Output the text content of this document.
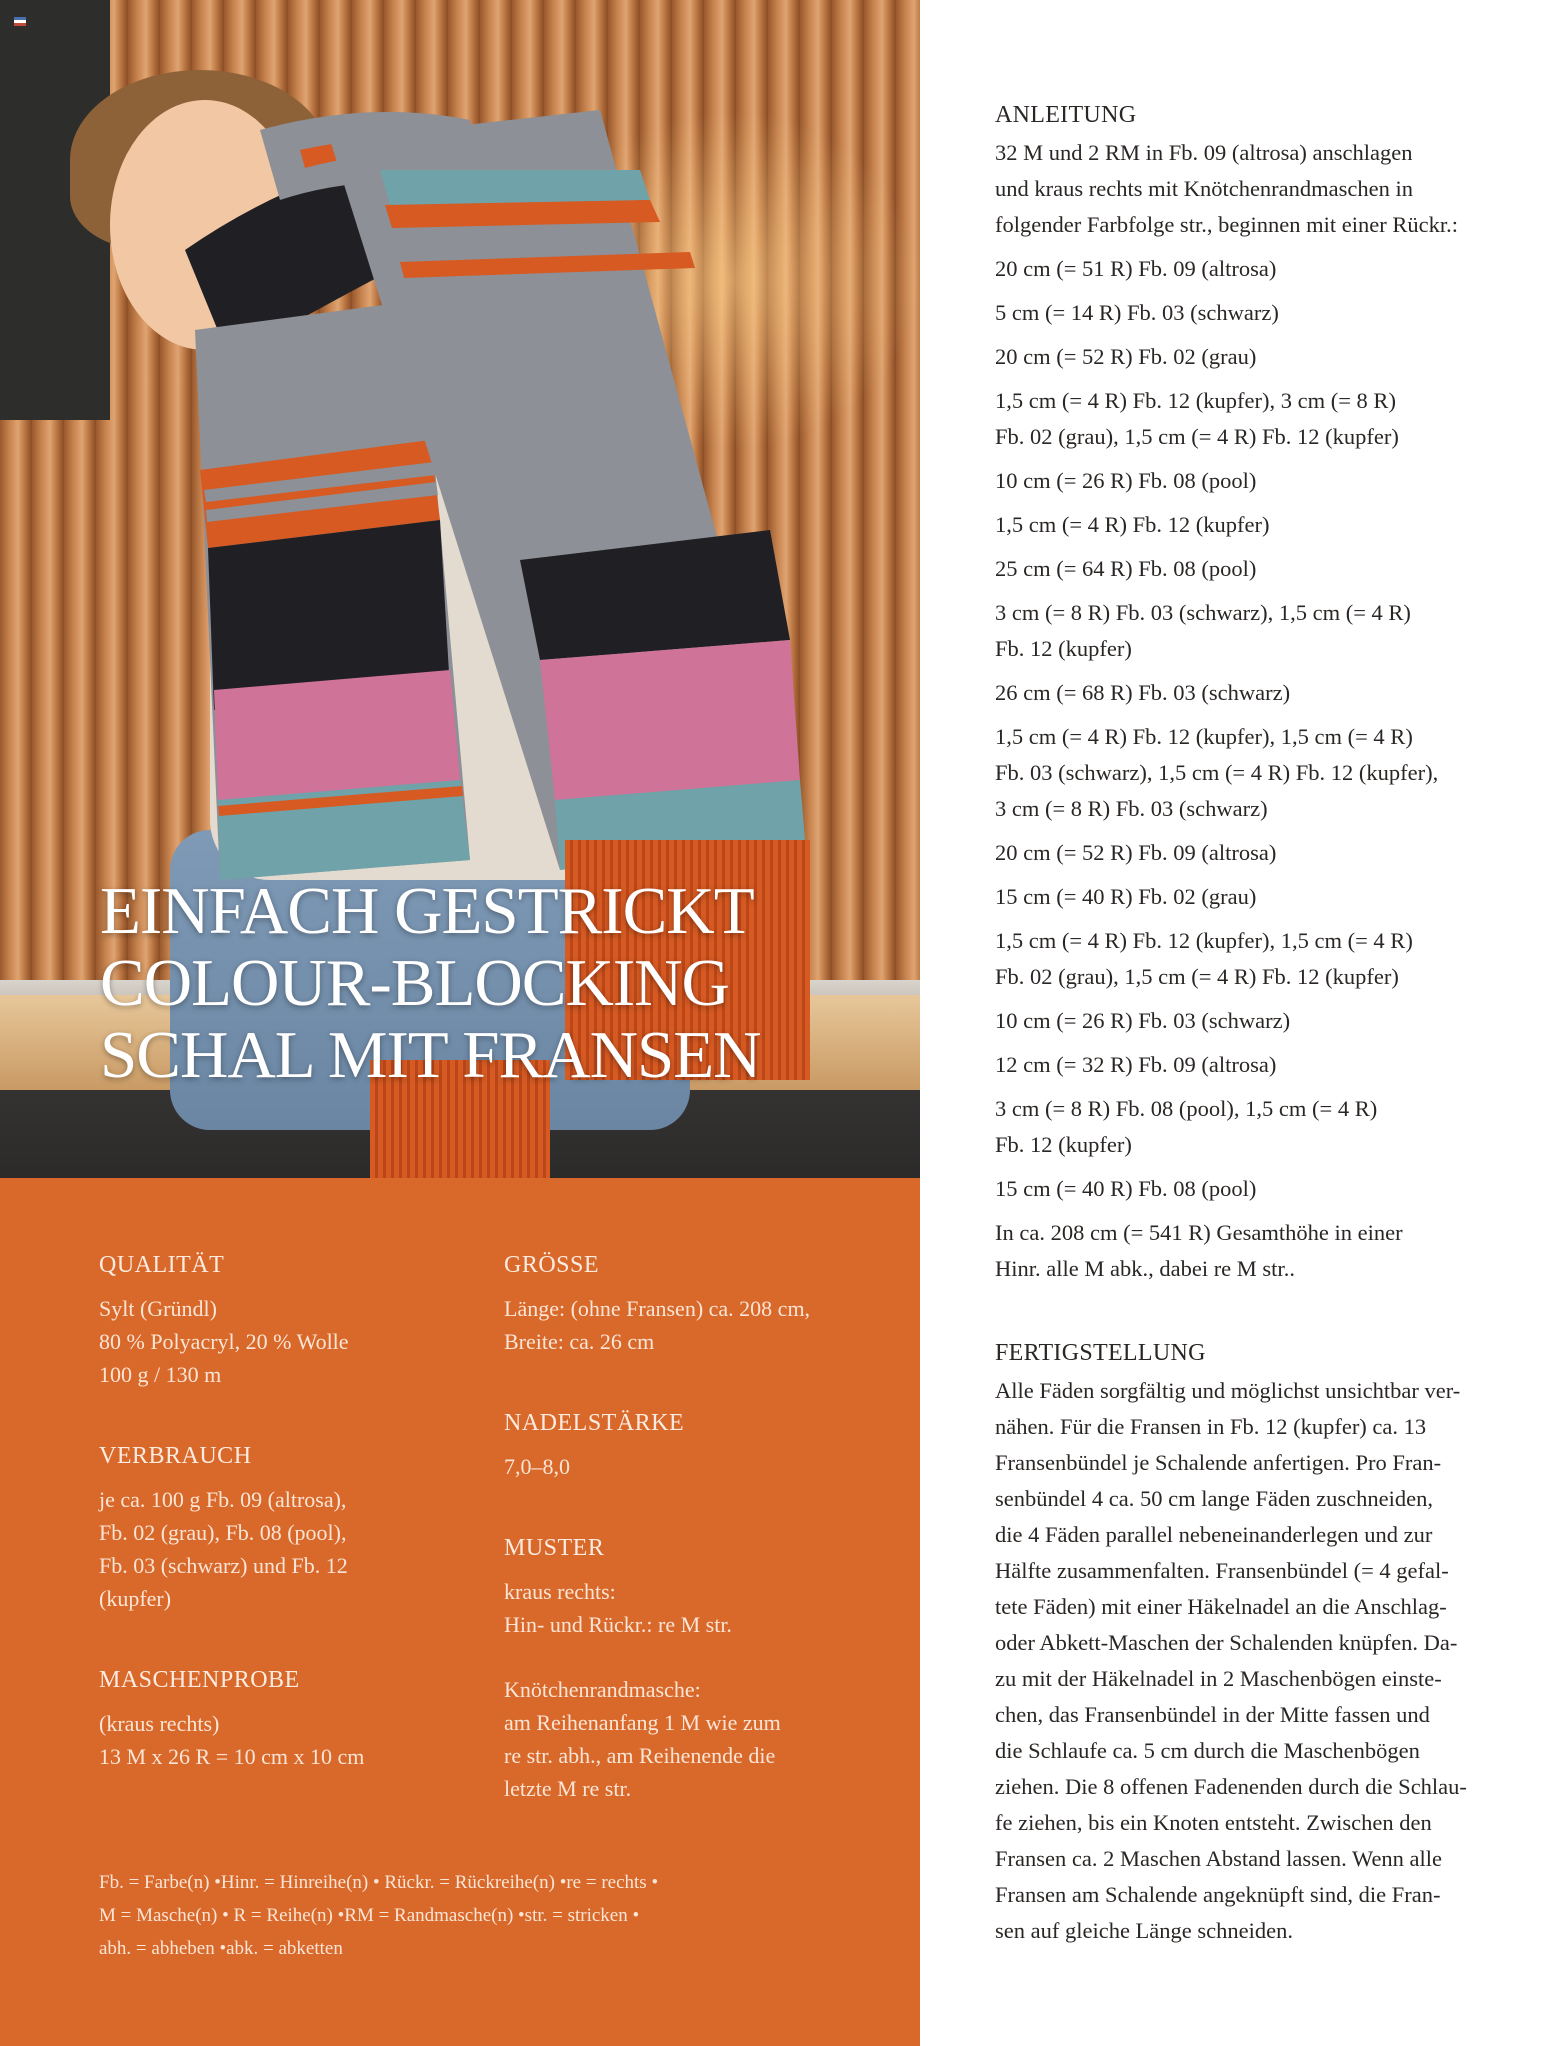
EINFACH GESTRICKT
COLOUR-BLOCKING
SCHAL MIT FRANSEN
QUALITÄT

Sylt (Gründl)

80 % Polyacryl, 20 % Wolle

100 g / 130 m

VERBRAUCH

je ca. 100 g Fb. 09 (altrosa),

Fb. 02 (grau), Fb. 08 (pool),

Fb. 03 (schwarz) und Fb. 12

(kupfer)

MASCHENPROBE

(kraus rechts)

13 M x 26 R = 10 cm x 10 cm

GRÖSSE

Länge: (ohne Fransen) ca. 208 cm,

Breite: ca. 26 cm

NADELSTÄRKE

7,0–8,0

MUSTER

kraus rechts:

Hin- und Rückr.: re M str.

Knötchenrandmasche:

am Reihenanfang 1 M wie zum

re str. abh., am Reihenende die

letzte M re str.

Fb. = Farbe(n) •Hinr. = Hinreihe(n) • Rückr. = Rückreihe(n) •re = rechts •
M = Masche(n) • R = Reihe(n) •RM = Randmasche(n) •str. = stricken •
abh. = abheben •abk. = abketten
ANLEITUNG
32 M und 2 RM in Fb. 09 (altrosa) anschlagen
und kraus rechts mit Knötchenrandmaschen in
folgender Farbfolge str., beginnen mit einer Rückr.:
20 cm (= 51 R) Fb. 09 (altrosa)
5 cm (= 14 R) Fb. 03 (schwarz)
20 cm (= 52 R) Fb. 02 (grau)
1,5 cm (= 4 R) Fb. 12 (kupfer), 3 cm (= 8 R)
Fb. 02 (grau), 1,5 cm (= 4 R) Fb. 12 (kupfer)
10 cm (= 26 R) Fb. 08 (pool)
1,5 cm (= 4 R) Fb. 12 (kupfer)
25 cm (= 64 R) Fb. 08 (pool)
3 cm (= 8 R) Fb. 03 (schwarz), 1,5 cm (= 4 R)
Fb. 12 (kupfer)
26 cm (= 68 R) Fb. 03 (schwarz)
1,5 cm (= 4 R) Fb. 12 (kupfer), 1,5 cm (= 4 R)
Fb. 03 (schwarz), 1,5 cm (= 4 R) Fb. 12 (kupfer),
3 cm (= 8 R) Fb. 03 (schwarz)
20 cm (= 52 R) Fb. 09 (altrosa)
15 cm (= 40 R) Fb. 02 (grau)
1,5 cm (= 4 R) Fb. 12 (kupfer), 1,5 cm (= 4 R)
Fb. 02 (grau), 1,5 cm (= 4 R) Fb. 12 (kupfer)
10 cm (= 26 R) Fb. 03 (schwarz)
12 cm (= 32 R) Fb. 09 (altrosa)
3 cm (= 8 R) Fb. 08 (pool), 1,5 cm (= 4 R)
Fb. 12 (kupfer)
15 cm (= 40 R) Fb. 08 (pool)
In ca. 208 cm (= 541 R) Gesamthöhe in einer
Hinr. alle M abk., dabei re M str..
FERTIGSTELLUNG
Alle Fäden sorgfältig und möglichst unsichtbar ver-
nähen. Für die Fransen in Fb. 12 (kupfer) ca. 13
Fransenbündel je Schalende anfertigen. Pro Fran-
senbündel 4 ca. 50 cm lange Fäden zuschneiden,
die 4 Fäden parallel nebeneinanderlegen und zur
Hälfte zusammenfalten. Fransenbündel (= 4 gefal-
tete Fäden) mit einer Häkelnadel an die Anschlag-
oder Abkett-Maschen der Schalenden knüpfen. Da-
zu mit der Häkelnadel in 2 Maschenbögen einste-
chen, das Fransenbündel in der Mitte fassen und
die Schlaufe ca. 5 cm durch die Maschenbögen
ziehen. Die 8 offenen Fadenenden durch die Schlau-
fe ziehen, bis ein Knoten entsteht. Zwischen den
Fransen ca. 2 Maschen Abstand lassen. Wenn alle
Fransen am Schalende angeknüpft sind, die Fran-
sen auf gleiche Länge schneiden.
